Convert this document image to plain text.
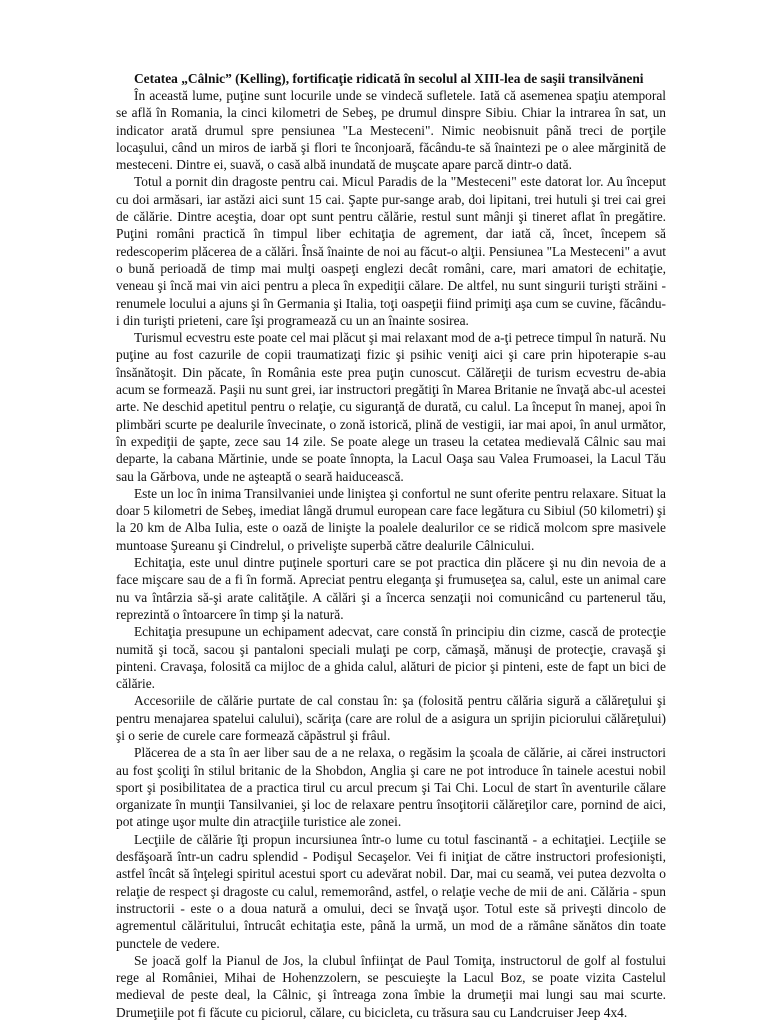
Cetatea „Câlnic” (Kelling), fortificaţie ridicată în secolul al XIII-lea de saşii transilvăneni

În această lume, puţine sunt locurile unde se vindecă sufletele. Iată că asemenea spaţiu atemporal se află în Romania, la cinci kilometri de Sebeş, pe drumul dinspre Sibiu. Chiar la intrarea în sat, un indicator arată drumul spre pensiunea "La Mesteceni". Nimic neobisnuit până treci de porţile locaşului, când un miros de iarbă şi flori te înconjoară, făcându-te să înaintezi pe o alee mărginită de mesteceni. Dintre ei, suavă, o casă albă inundată de muşcate apare parcă dintr-o dată.

Totul a pornit din dragoste pentru cai. Micul Paradis de la "Mesteceni" este datorat lor. Au început cu doi armăsari, iar astăzi aici sunt 15 cai. Şapte pur-sange arab, doi lipitani, trei hutuli şi trei cai grei de călărie. Dintre aceştia, doar opt sunt pentru călărie, restul sunt mânji şi tineret aflat în pregătire. Puţini români practică în timpul liber echitaţia de agrement, dar iată că, încet, începem să redescoperim plăcerea de a călări. Însă înainte de noi au făcut-o alţii. Pensiunea "La Mesteceni" a avut o bună perioadă de timp mai mulţi oaspeţi englezi decât români, care, mari amatori de echitaţie, veneau şi încă mai vin aici pentru a pleca în expediţii călare. De altfel, nu sunt singurii turişti străini - renumele locului a ajuns şi în Germania şi Italia, toţi oaspeţii fiind primiţi aşa cum se cuvine, făcându-i din turişti prieteni, care îşi programează cu un an înainte sosirea.

Turismul ecvestru este poate cel mai plăcut şi mai relaxant mod de a-ţi petrece timpul în natură. Nu puţine au fost cazurile de copii traumatizaţi fizic şi psihic veniţi aici şi care prin hipoterapie s-au însănătoşit. Din păcate, în România este prea puţin cunoscut. Călăreţii de turism ecvestru de-abia acum se formează. Paşii nu sunt grei, iar instructori pregătiţi în Marea Britanie ne învaţă abc-ul acestei arte. Ne deschid apetitul pentru o relaţie, cu siguranţă de durată, cu calul. La început în manej, apoi în plimbări scurte pe dealurile învecinate, o zonă istorică, plină de vestigii, iar mai apoi, în anul următor, în expediţii de şapte, zece sau 14 zile. Se poate alege un traseu la cetatea medievală Câlnic sau mai departe, la cabana Mărtinie, unde se poate înnopta, la Lacul Oaşa sau Valea Frumoasei, la Lacul Tău sau la Gărbova, unde ne aşteaptă o seară haiducească.

Este un loc în inima Transilvaniei unde liniştea şi confortul ne sunt oferite pentru relaxare. Situat la doar 5 kilometri de Sebeş, imediat lângă drumul european care face legătura cu Sibiul (50 kilometri) şi la 20 km de Alba Iulia, este o oază de linişte la poalele dealurilor ce se ridică molcom spre masivele muntoase Şureanu şi Cindrelul, o privelişte superbă către dealurile Câlnicului.

Echitaţia, este unul dintre puţinele sporturi care se pot practica din plăcere şi nu din nevoia de a face mişcare sau de a fi în formă. Apreciat pentru eleganţa şi frumuseţea sa, calul, este un animal care nu va întârzia să-şi arate calităţile. A călări şi a încerca senzaţii noi comunicând cu partenerul tău, reprezintă o întoarcere în timp şi la natură.

Echitaţia presupune un echipament adecvat, care constă în principiu din cizme, cască de protecţie numită şi tocă, sacou şi pantaloni speciali mulaţi pe corp, cămaşă, mănuşi de protecţie, cravaşă şi pinteni. Cravaşa, folosită ca mijloc de a ghida calul, alături de picior şi pinteni, este de fapt un bici de călărie.

Accesoriile de călărie purtate de cal constau în: şa (folosită pentru călăria sigură a călăreţului şi pentru menajarea spatelui calului), scăriţa (care are rolul de a asigura un sprijin piciorului călăreţului) şi o serie de curele care formează căpăstrul şi frâul.

Plăcerea de a sta în aer liber sau de a ne relaxa, o regăsim la şcoala de călărie, ai cărei instructori au fost şcoliţi în stilul britanic de la Shobdon, Anglia şi care ne pot introduce în tainele acestui nobil sport şi posibilitatea de a practica tirul cu arcul precum şi Tai Chi. Locul de start în aventurile călare organizate în munţii Tansilvaniei, şi loc de relaxare pentru însoţitorii călăreţilor care, pornind de aici, pot atinge uşor multe din atracţiile turistice ale zonei.

Lecţiile de călărie îţi propun incursiunea într-o lume cu totul fascinantă - a echitaţiei. Lecţiile se desfăşoară într-un cadru splendid - Podişul Secaşelor. Vei fi iniţiat de către instructori profesionişti, astfel încât să înţelegi spiritul acestui sport cu adevărat nobil. Dar, mai cu seamă, vei putea dezvolta o relaţie de respect şi dragoste cu calul, rememorând, astfel, o relaţie veche de mii de ani. Călăria - spun instructorii - este o a doua natură a omului, deci se învaţă uşor. Totul este să priveşti dincolo de agrementul călăritului, întrucât echitaţia este, până la urmă, un mod de a rămâne sănătos din toate punctele de vedere.

Se joacă golf la Pianul de Jos, la clubul înfiinţat de Paul Tomiţa, instructorul de golf al fostului rege al României, Mihai de Hohenzzolern, se pescuieşte la Lacul Boz, se poate vizita Castelul medieval de peste deal, la Câlnic, şi întreaga zona îmbie la drumeţii mai lungi sau mai scurte. Drumeţiile pot fi făcute cu piciorul, călare, cu bicicleta, cu trăsura sau cu Landcruiser Jeep 4x4.
